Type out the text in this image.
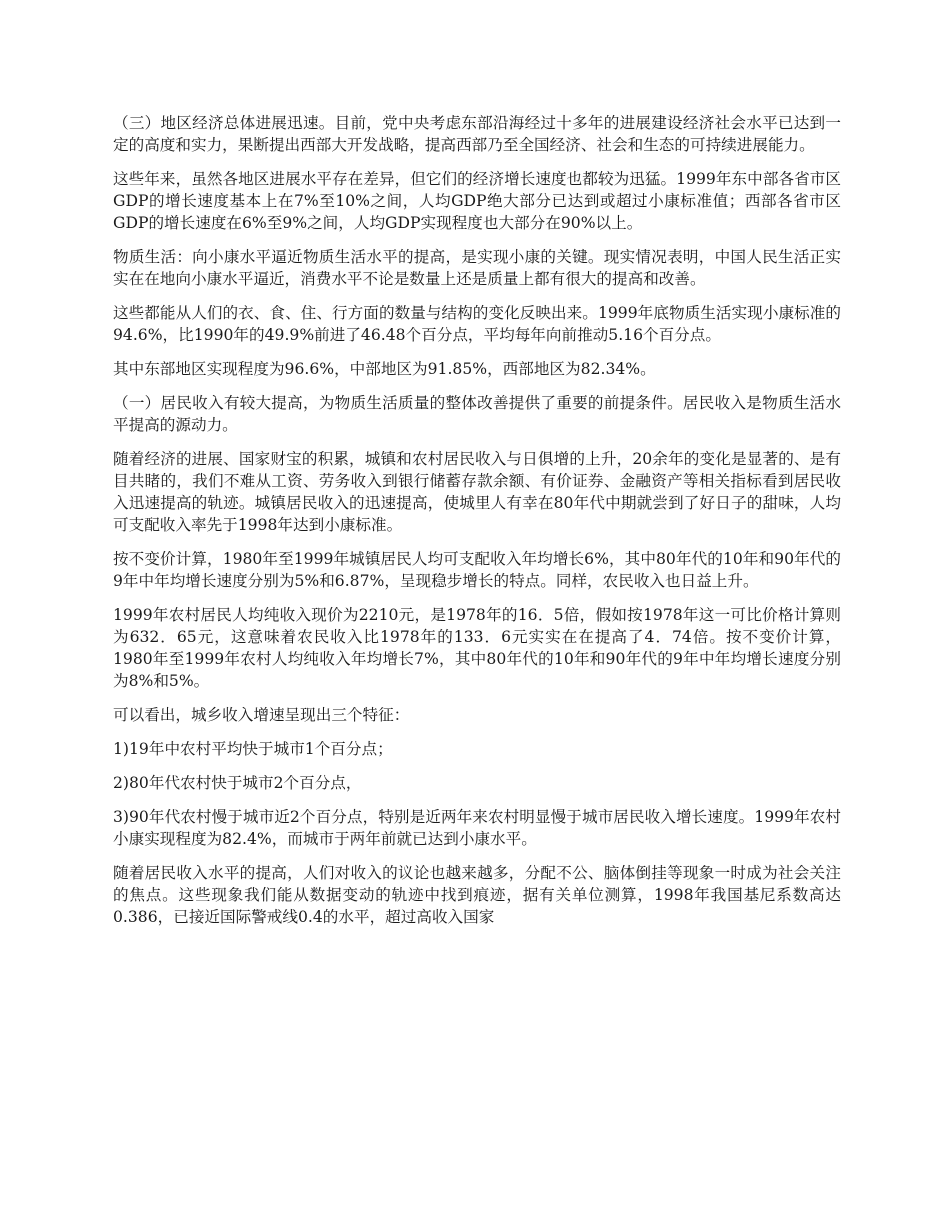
（三）地区经济总体进展迅速。目前，党中央考虑东部沿海经过十多年的进展建设经济社会水平已达到一定的高度和实力，果断提出西部大开发战略，提高西部乃至全国经济、社会和生态的可持续进展能力。

这些年来，虽然各地区进展水平存在差异，但它们的经济增长速度也都较为迅猛。1999年东中部各省市区GDP的增长速度基本上在7%至10%之间，人均GDP绝大部分已达到或超过小康标准值；西部各省市区GDP的增长速度在6%至9%之间，人均GDP实现程度也大部分在90%以上。

物质生活：向小康水平逼近物质生活水平的提高，是实现小康的关键。现实情况表明，中国人民生活正实实在在地向小康水平逼近，消费水平不论是数量上还是质量上都有很大的提高和改善。

这些都能从人们的衣、食、住、行方面的数量与结构的变化反映出来。1999年底物质生活实现小康标准的94.6%，比1990年的49.9%前进了46.48个百分点，平均每年向前推动5.16个百分点。

其中东部地区实现程度为96.6%，中部地区为91.85%，西部地区为82.34%。

（一）居民收入有较大提高，为物质生活质量的整体改善提供了重要的前提条件。居民收入是物质生活水平提高的源动力。

随着经济的进展、国家财宝的积累，城镇和农村居民收入与日俱增的上升，20余年的变化是显著的、是有目共睹的，我们不难从工资、劳务收入到银行储蓄存款余额、有价证券、金融资产等相关指标看到居民收入迅速提高的轨迹。城镇居民收入的迅速提高，使城里人有幸在80年代中期就尝到了好日子的甜味，人均可支配收入率先于1998年达到小康标准。

按不变价计算，1980年至1999年城镇居民人均可支配收入年均增长6%，其中80年代的10年和90年代的9年中年均增长速度分别为5%和6.87%，呈现稳步增长的特点。同样，农民收入也日益上升。

1999年农村居民人均纯收入现价为2210元，是1978年的16．5倍，假如按1978年这一可比价格计算则为632．65元，这意味着农民收入比1978年的133．6元实实在在提高了4．74倍。按不变价计算，1980年至1999年农村人均纯收入年均增长7%，其中80年代的10年和90年代的9年中年均增长速度分别为8%和5%。

可以看出，城乡收入增速呈现出三个特征：

1)19年中农村平均快于城市1个百分点；

2)80年代农村快于城市2个百分点，

3)90年代农村慢于城市近2个百分点，特别是近两年来农村明显慢于城市居民收入增长速度。1999年农村小康实现程度为82.4%，而城市于两年前就已达到小康水平。

随着居民收入水平的提高，人们对收入的议论也越来越多，分配不公、脑体倒挂等现象一时成为社会关注的焦点。这些现象我们能从数据变动的轨迹中找到痕迹，据有关单位测算，1998年我国基尼系数高达0.386，已接近国际警戒线0.4的水平，超过高收入国家
